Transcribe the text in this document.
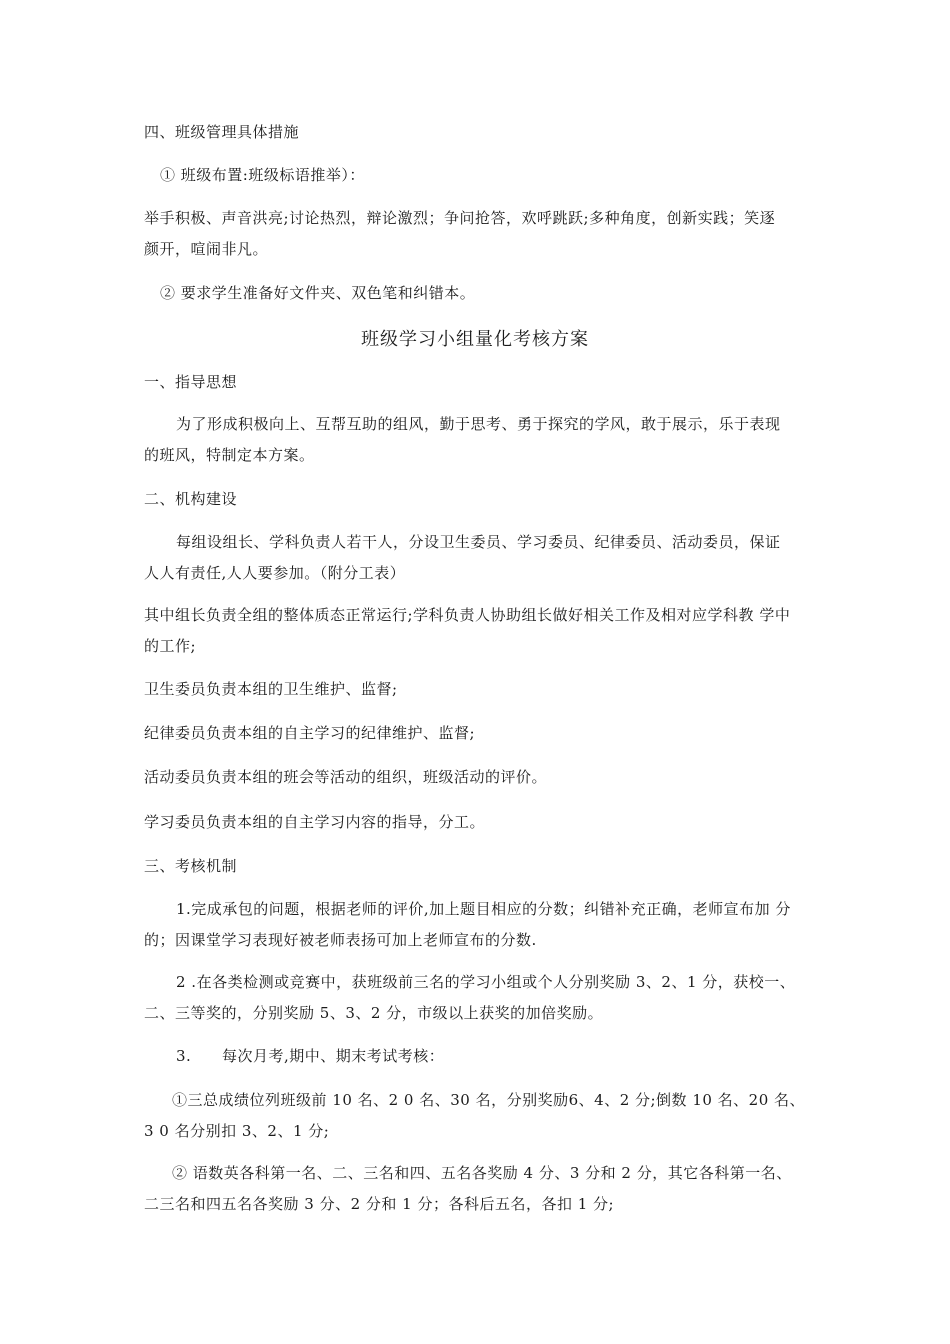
四、班级管理具体措施
① 班级布置:班级标语推举）：
举手积极、声音洪亮;讨论热烈，辩论激烈；争问抢答，欢呼跳跃;多种角度，创新实践；笑逐
颜开，喧闹非凡。
② 要求学生准备好文件夹、双色笔和纠错本。
班级学习小组量化考核方案
一、指导思想
为了形成积极向上、互帮互助的组风，勤于思考、勇于探究的学风，敢于展示，乐于表现
的班风，特制定本方案。
二、机构建设
每组设组长、学科负责人若干人，分设卫生委员、学习委员、纪律委员、活动委员，保证
人人有责任,人人要参加。（附分工表）
其中组长负责全组的整体质态正常运行;学科负责人协助组长做好相关工作及相对应学科教 学中
的工作;
卫生委员负责本组的卫生维护、监督;
纪律委员负责本组的自主学习的纪律维护、监督;
活动委员负责本组的班会等活动的组织，班级活动的评价。
学习委员负责本组的自主学习内容的指导，分工。
三、考核机制
1.完成承包的问题，根据老师的评价,加上题目相应的分数；纠错补充正确，老师宣布加 分
的；因课堂学习表现好被老师表扬可加上老师宣布的分数.
2 .在各类检测或竞赛中，获班级前三名的学习小组或个人分别奖励 3、2、1 分，获校一、
二、三等奖的，分别奖励 5、3、2 分，市级以上获奖的加倍奖励。
3.	每次月考,期中、期末考试考核：
①三总成绩位列班级前 10 名、2 0 名、30 名，分别奖励6、4、2 分;倒数 10 名、20 名、
3 0 名分别扣 3、2、1 分;
② 语数英各科第一名、二、三名和四、五名各奖励 4 分、3 分和 2 分，其它各科第一名、
二三名和四五名各奖励 3 分、2 分和 1 分；各科后五名，各扣 1 分;
